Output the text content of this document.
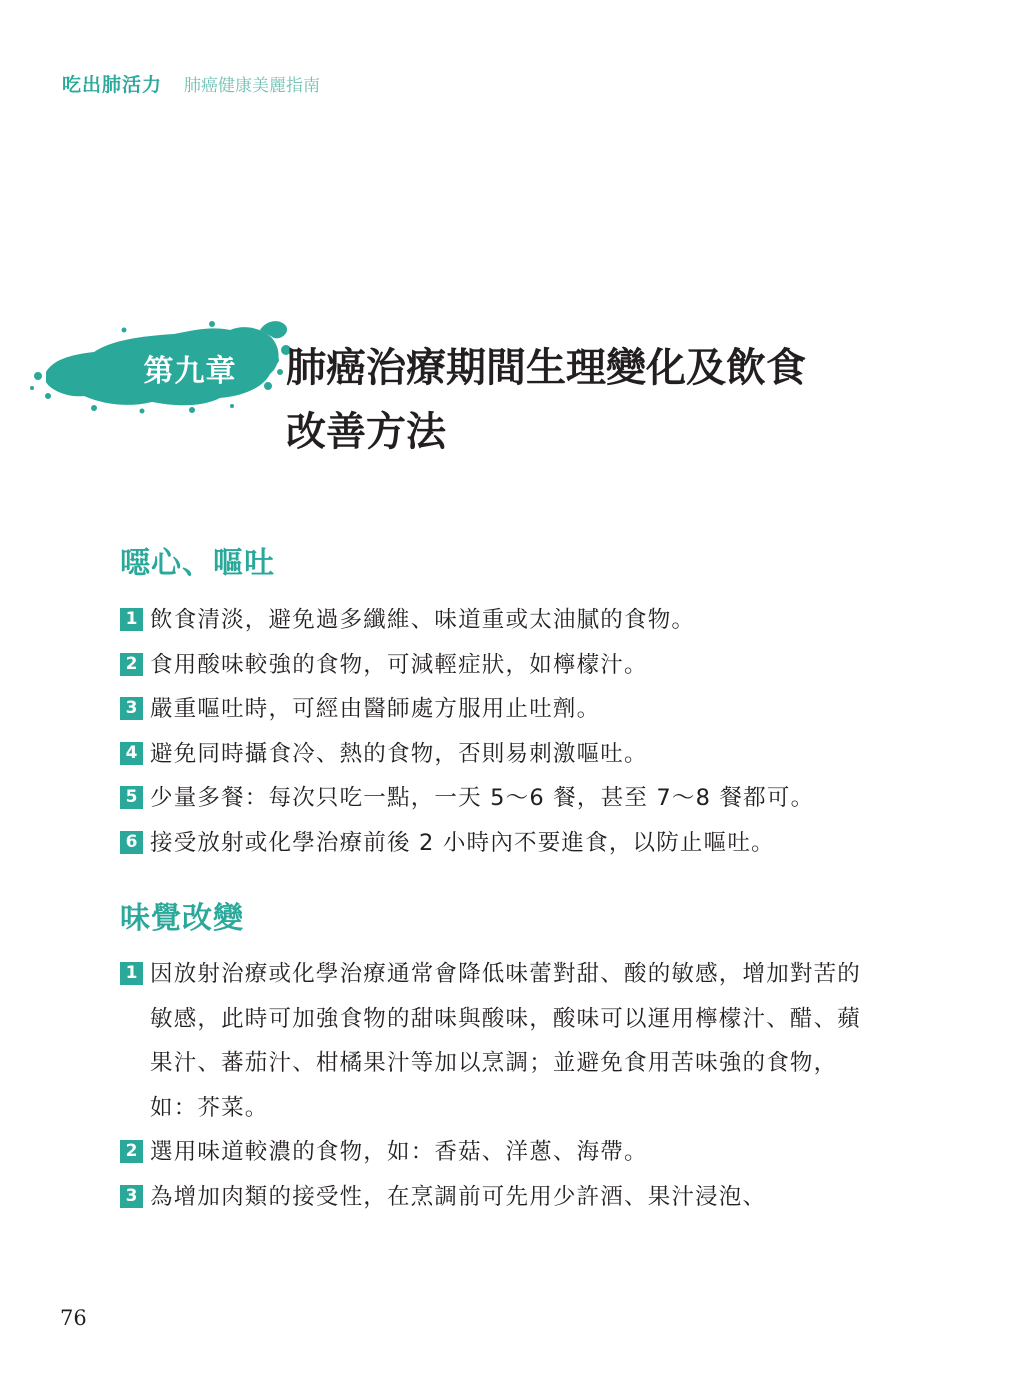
吃出肺活力 肺癌健康美麗指南
第九章	肺癌治療期間生理變化及飲食
改善方法
噁心、嘔吐
1 飲食清淡，避免過多纖維、味道重或太油膩的食物。
2 食用酸味較強的食物，可減輕症狀，如檸檬汁。
3 嚴重嘔吐時，可經由醫師處方服用止吐劑。
4 避免同時攝食冷、熱的食物，否則易刺激嘔吐。
5 少量多餐：每次只吃一點，一天 5～6 餐，甚至 7～8 餐都可。
6 接受放射或化學治療前後 2 小時內不要進食，以防止嘔吐。
味覺改變
1 因放射治療或化學治療通常會降低味蕾對甜、酸的敏感，增加對苦的敏感，此時可加強食物的甜味與酸味，酸味可以運用檸檬汁、醋、蘋果汁、蕃茄汁、柑橘果汁等加以烹調；並避免食用苦味強的食物，如：芥菜。
2 選用味道較濃的食物，如：香菇、洋蔥、海帶。
3 為增加肉類的接受性，在烹調前可先用少許酒、果汁浸泡、
76
